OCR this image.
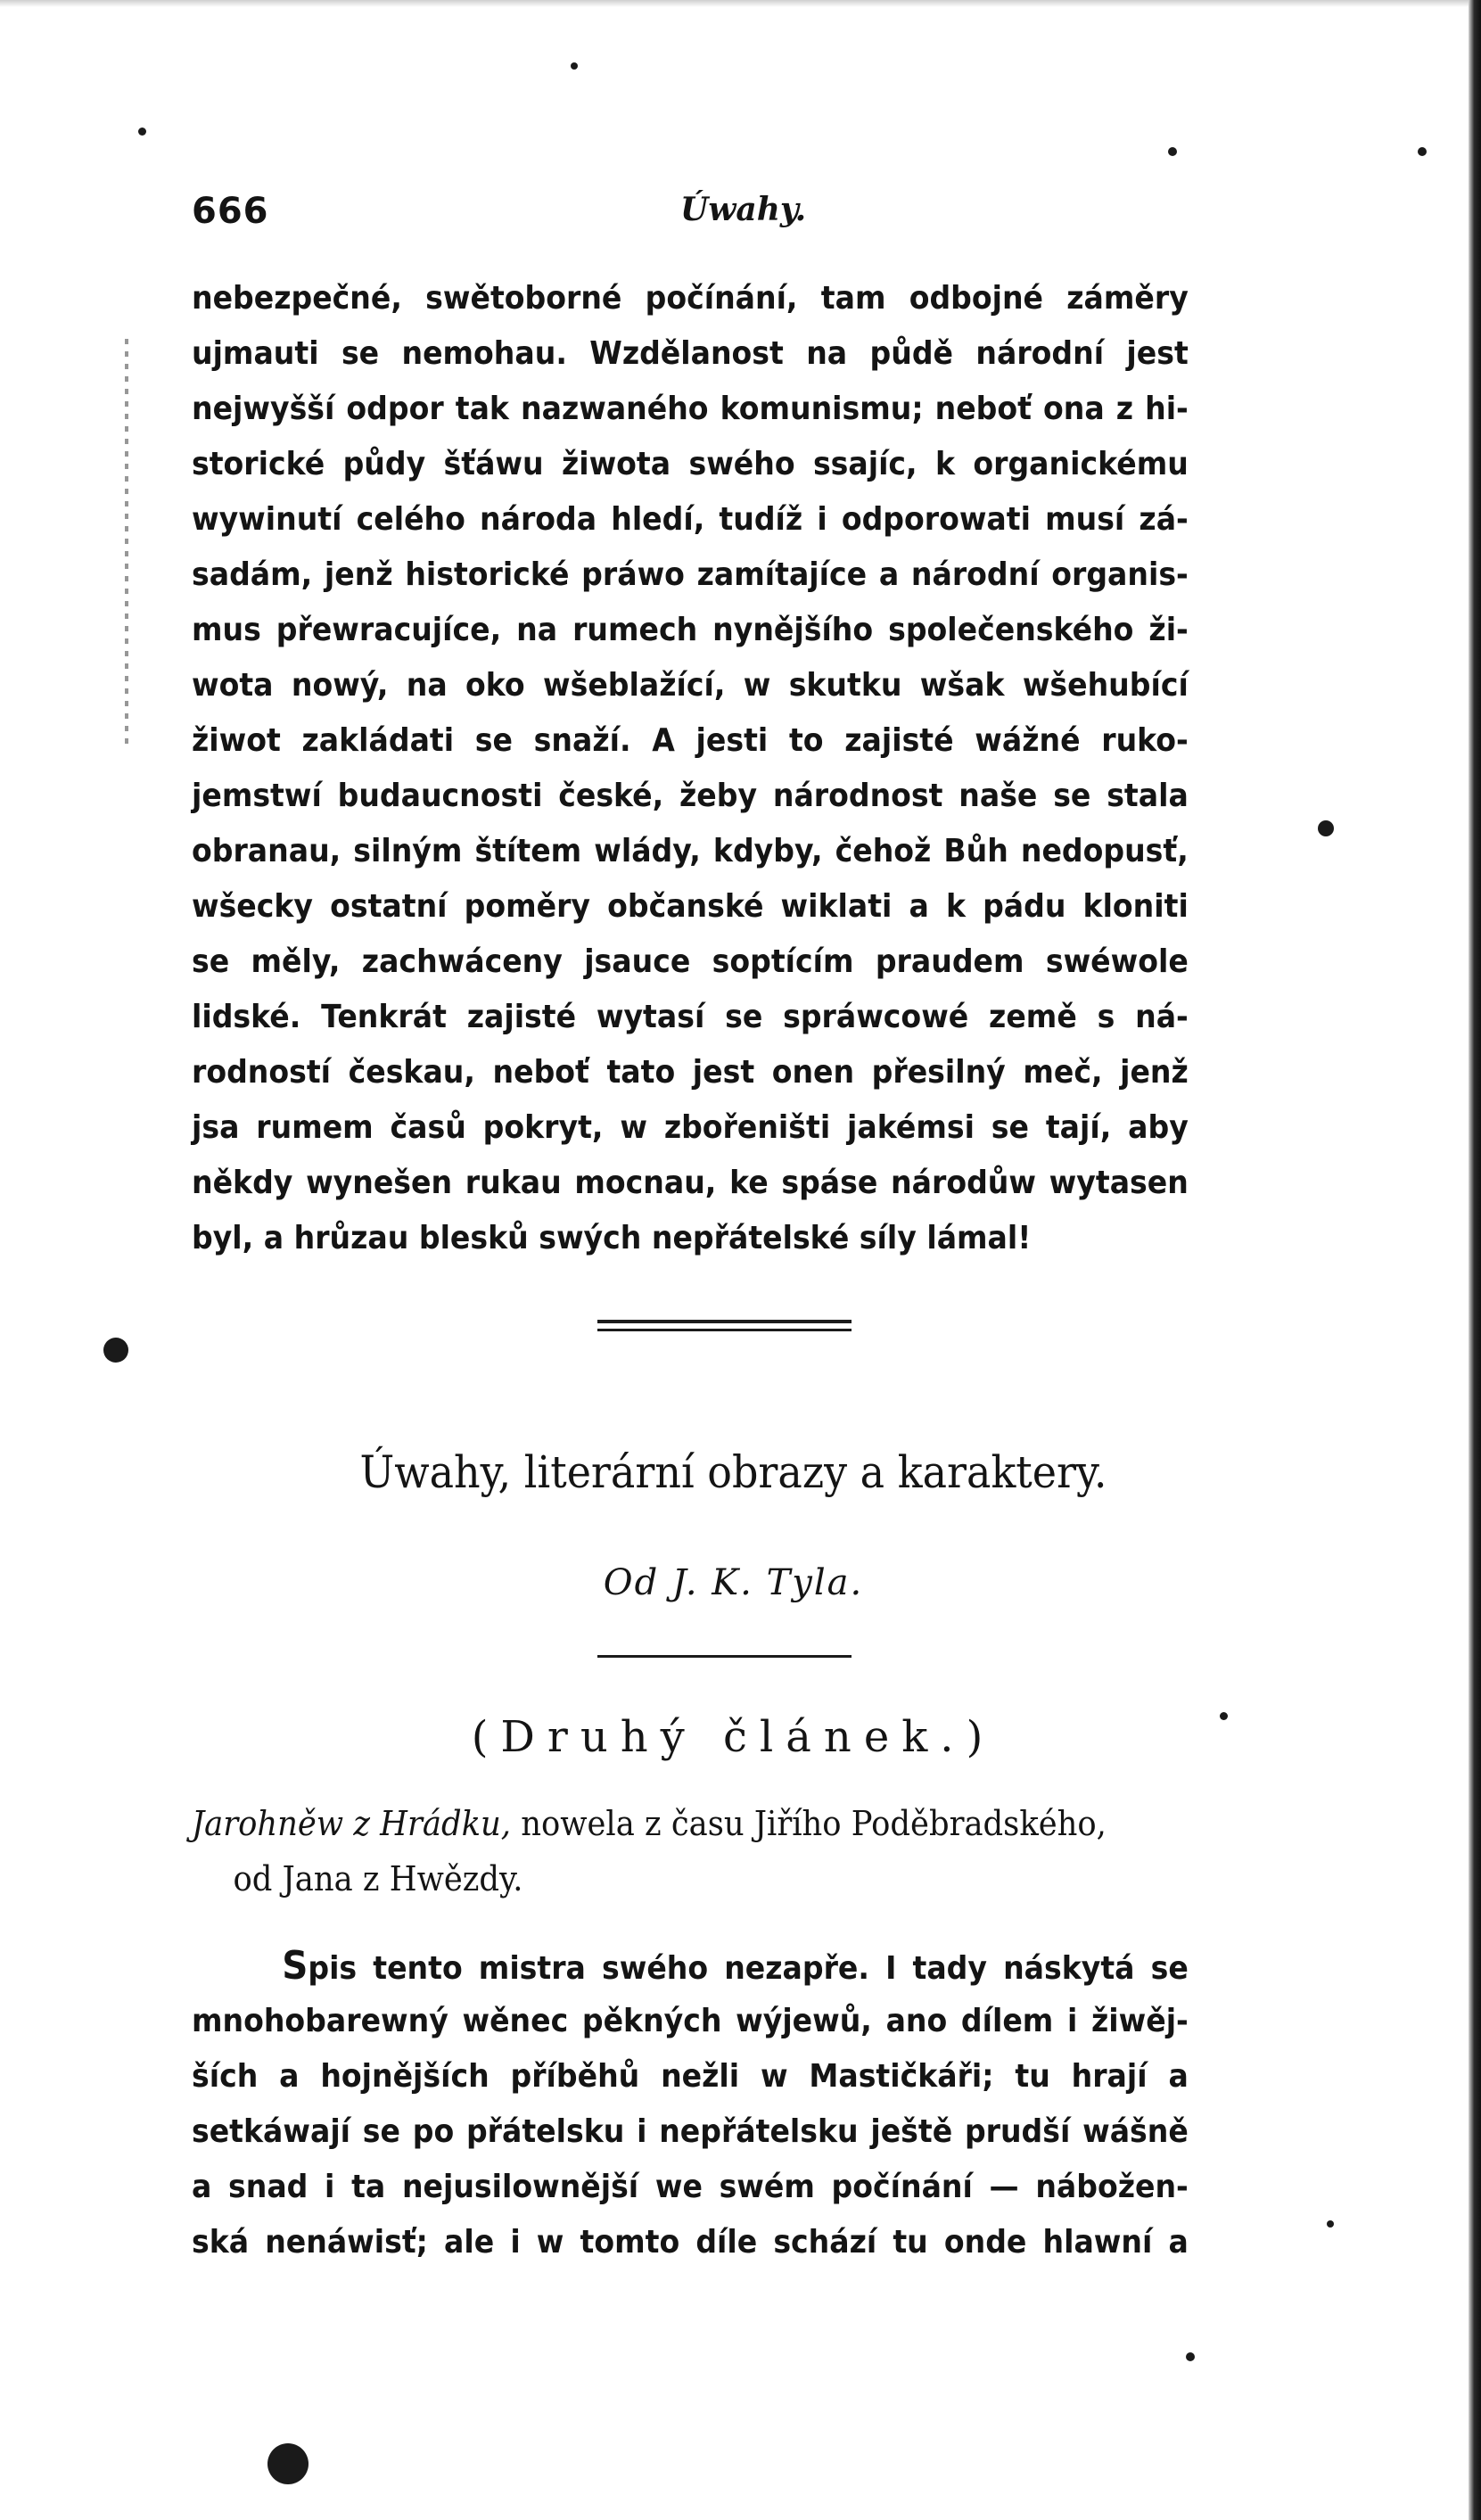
666	Úwahy.
nebezpečné, swětoborné počínání, tam odbojné záměry
ujmauti se nemohau. Wzdělanost na půdě národní jest
nejwyšší odpor tak nazwaného komunismu; neboť ona z hi-
storické půdy šťáwu žiwota swého ssajíc, k organickému
wywinutí celého národa hledí, tudíž i odporowati musí zá-
sadám, jenž historické práwo zamítajíce a národní organis-
mus přewracujíce, na rumech nynějšího společenského ži-
wota nowý, na oko wšeblažící, w skutku wšak wšehubící
žiwot zakládati se snaží. A jesti to zajisté wážné ruko-
jemstwí budaucnosti české, žeby národnost naše se stala
obranau, silným štítem wlády, kdyby, čehož Bůh nedopusť,
wšecky ostatní poměry občanské wiklati a k pádu kloniti
se měly, zachwáceny jsauce soptícím praudem swéwole
lidské. Tenkrát zajisté wytasí se spráwcowé země s ná-
rodností českau, neboť tato jest onen přesilný meč, jenž
jsa rumem časů pokryt, w zbořeništi jakémsi se tají, aby
někdy wynešen rukau mocnau, ke spáse národůw wytasen
byl, a hrůzau blesků swých nepřátelské síly lámal!
Úwahy, literární obrazy a karaktery.
Od J. K. Tyla.
(Druhý článek.)
Jarohněw z Hrádku, nowela z času Jiřího Poděbradského,
od Jana z Hwězdy.
Spis tento mistra swého nezapře. I tady náskytá se
mnohobarewný wěnec pěkných wýjewů, ano dílem i žiwěj-
ších a hojnějších příběhů nežli w Mastičkáři; tu hrají a
setkáwají se po přátelsku i nepřátelsku ještě prudší wášně
a snad i ta nejusilownější we swém počínání — nábožen-
ská nenáwisť; ale i w tomto díle schází tu onde hlawní a
